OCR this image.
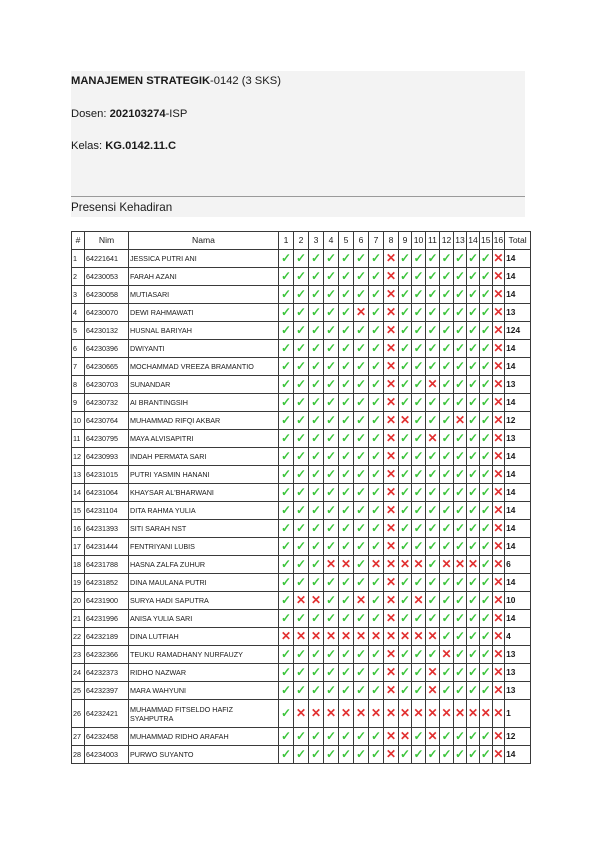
MANAJEMEN STRATEGIK-0142 (3 SKS)
Dosen: 202103274-ISP
Kelas: KG.0142.11.C
Presensi Kehadiran
#	Nim	Nama	1	2	3	4	5	6	7	8	9	10	11	12	13	14	15	16	Total
1	64221641	JESSICA PUTRI ANI	✓	✓	✓	✓	✓	✓	✓	✕	✓	✓	✓	✓	✓	✓	✓	✕	14
2	64230053	FARAH AZANI	✓	✓	✓	✓	✓	✓	✓	✕	✓	✓	✓	✓	✓	✓	✓	✕	14
3	64230058	MUTIASARI	✓	✓	✓	✓	✓	✓	✓	✕	✓	✓	✓	✓	✓	✓	✓	✕	14
4	64230070	DEWI RAHMAWATI	✓	✓	✓	✓	✓	✕	✓	✕	✓	✓	✓	✓	✓	✓	✓	✕	13
5	64230132	HUSNAL BARIYAH	✓	✓	✓	✓	✓	✓	✓	✕	✓	✓	✓	✓	✓	✓	✓	✕	124
6	64230396	DWIYANTI	✓	✓	✓	✓	✓	✓	✓	✕	✓	✓	✓	✓	✓	✓	✓	✕	14
7	64230665	MOCHAMMAD VREEZA BRAMANTIO	✓	✓	✓	✓	✓	✓	✓	✕	✓	✓	✓	✓	✓	✓	✓	✕	14
8	64230703	SUNANDAR	✓	✓	✓	✓	✓	✓	✓	✕	✓	✓	✕	✓	✓	✓	✓	✕	13
9	64230732	AI BRANTINGSIH	✓	✓	✓	✓	✓	✓	✓	✕	✓	✓	✓	✓	✓	✓	✓	✕	14
10	64230764	MUHAMMAD RIFQI AKBAR	✓	✓	✓	✓	✓	✓	✓	✕	✕	✓	✓	✓	✕	✓	✓	✕	12
11	64230795	MAYA ALVISAPITRI	✓	✓	✓	✓	✓	✓	✓	✕	✓	✓	✕	✓	✓	✓	✓	✕	13
12	64230993	INDAH PERMATA SARI	✓	✓	✓	✓	✓	✓	✓	✕	✓	✓	✓	✓	✓	✓	✓	✕	14
13	64231015	PUTRI YASMIN HANANI	✓	✓	✓	✓	✓	✓	✓	✕	✓	✓	✓	✓	✓	✓	✓	✕	14
14	64231064	KHAYSAR AL'BHARWANI	✓	✓	✓	✓	✓	✓	✓	✕	✓	✓	✓	✓	✓	✓	✓	✕	14
15	64231104	DITA RAHMA YULIA	✓	✓	✓	✓	✓	✓	✓	✕	✓	✓	✓	✓	✓	✓	✓	✕	14
16	64231393	SITI SARAH NST	✓	✓	✓	✓	✓	✓	✓	✕	✓	✓	✓	✓	✓	✓	✓	✕	14
17	64231444	FENTRIYANI LUBIS	✓	✓	✓	✓	✓	✓	✓	✕	✓	✓	✓	✓	✓	✓	✓	✕	14
18	64231788	HASNA ZALFA ZUHUR	✓	✓	✓	✕	✕	✓	✕	✕	✕	✕	✓	✕	✕	✕	✓	✕	6
19	64231852	DINA MAULANA PUTRI	✓	✓	✓	✓	✓	✓	✓	✕	✓	✓	✓	✓	✓	✓	✓	✕	14
20	64231900	SURYA HADI SAPUTRA	✓	✕	✕	✓	✓	✕	✓	✕	✓	✕	✓	✓	✓	✓	✓	✕	10
21	64231996	ANISA YULIA SARI	✓	✓	✓	✓	✓	✓	✓	✕	✓	✓	✓	✓	✓	✓	✓	✕	14
22	64232189	DINA LUTFIAH	✕	✕	✕	✕	✕	✕	✕	✕	✕	✕	✕	✓	✓	✓	✓	✕	4
23	64232366	TEUKU RAMADHANY NURFAUZY	✓	✓	✓	✓	✓	✓	✓	✕	✓	✓	✓	✕	✓	✓	✓	✕	13
24	64232373	RIDHO NAZWAR	✓	✓	✓	✓	✓	✓	✓	✕	✓	✓	✕	✓	✓	✓	✓	✕	13
25	64232397	MARA WAHYUNI	✓	✓	✓	✓	✓	✓	✓	✕	✓	✓	✕	✓	✓	✓	✓	✕	13
26	64232421	MUHAMMAD FITSELDO HAFIZ SYAHPUTRA	✓	✕	✕	✕	✕	✕	✕	✕	✕	✕	✕	✕	✕	✕	✕	✕	1
27	64232458	MUHAMMAD RIDHO ARAFAH	✓	✓	✓	✓	✓	✓	✓	✕	✕	✓	✕	✓	✓	✓	✓	✕	12
28	64234003	PURWO SUYANTO	✓	✓	✓	✓	✓	✓	✓	✕	✓	✓	✓	✓	✓	✓	✓	✕	14
